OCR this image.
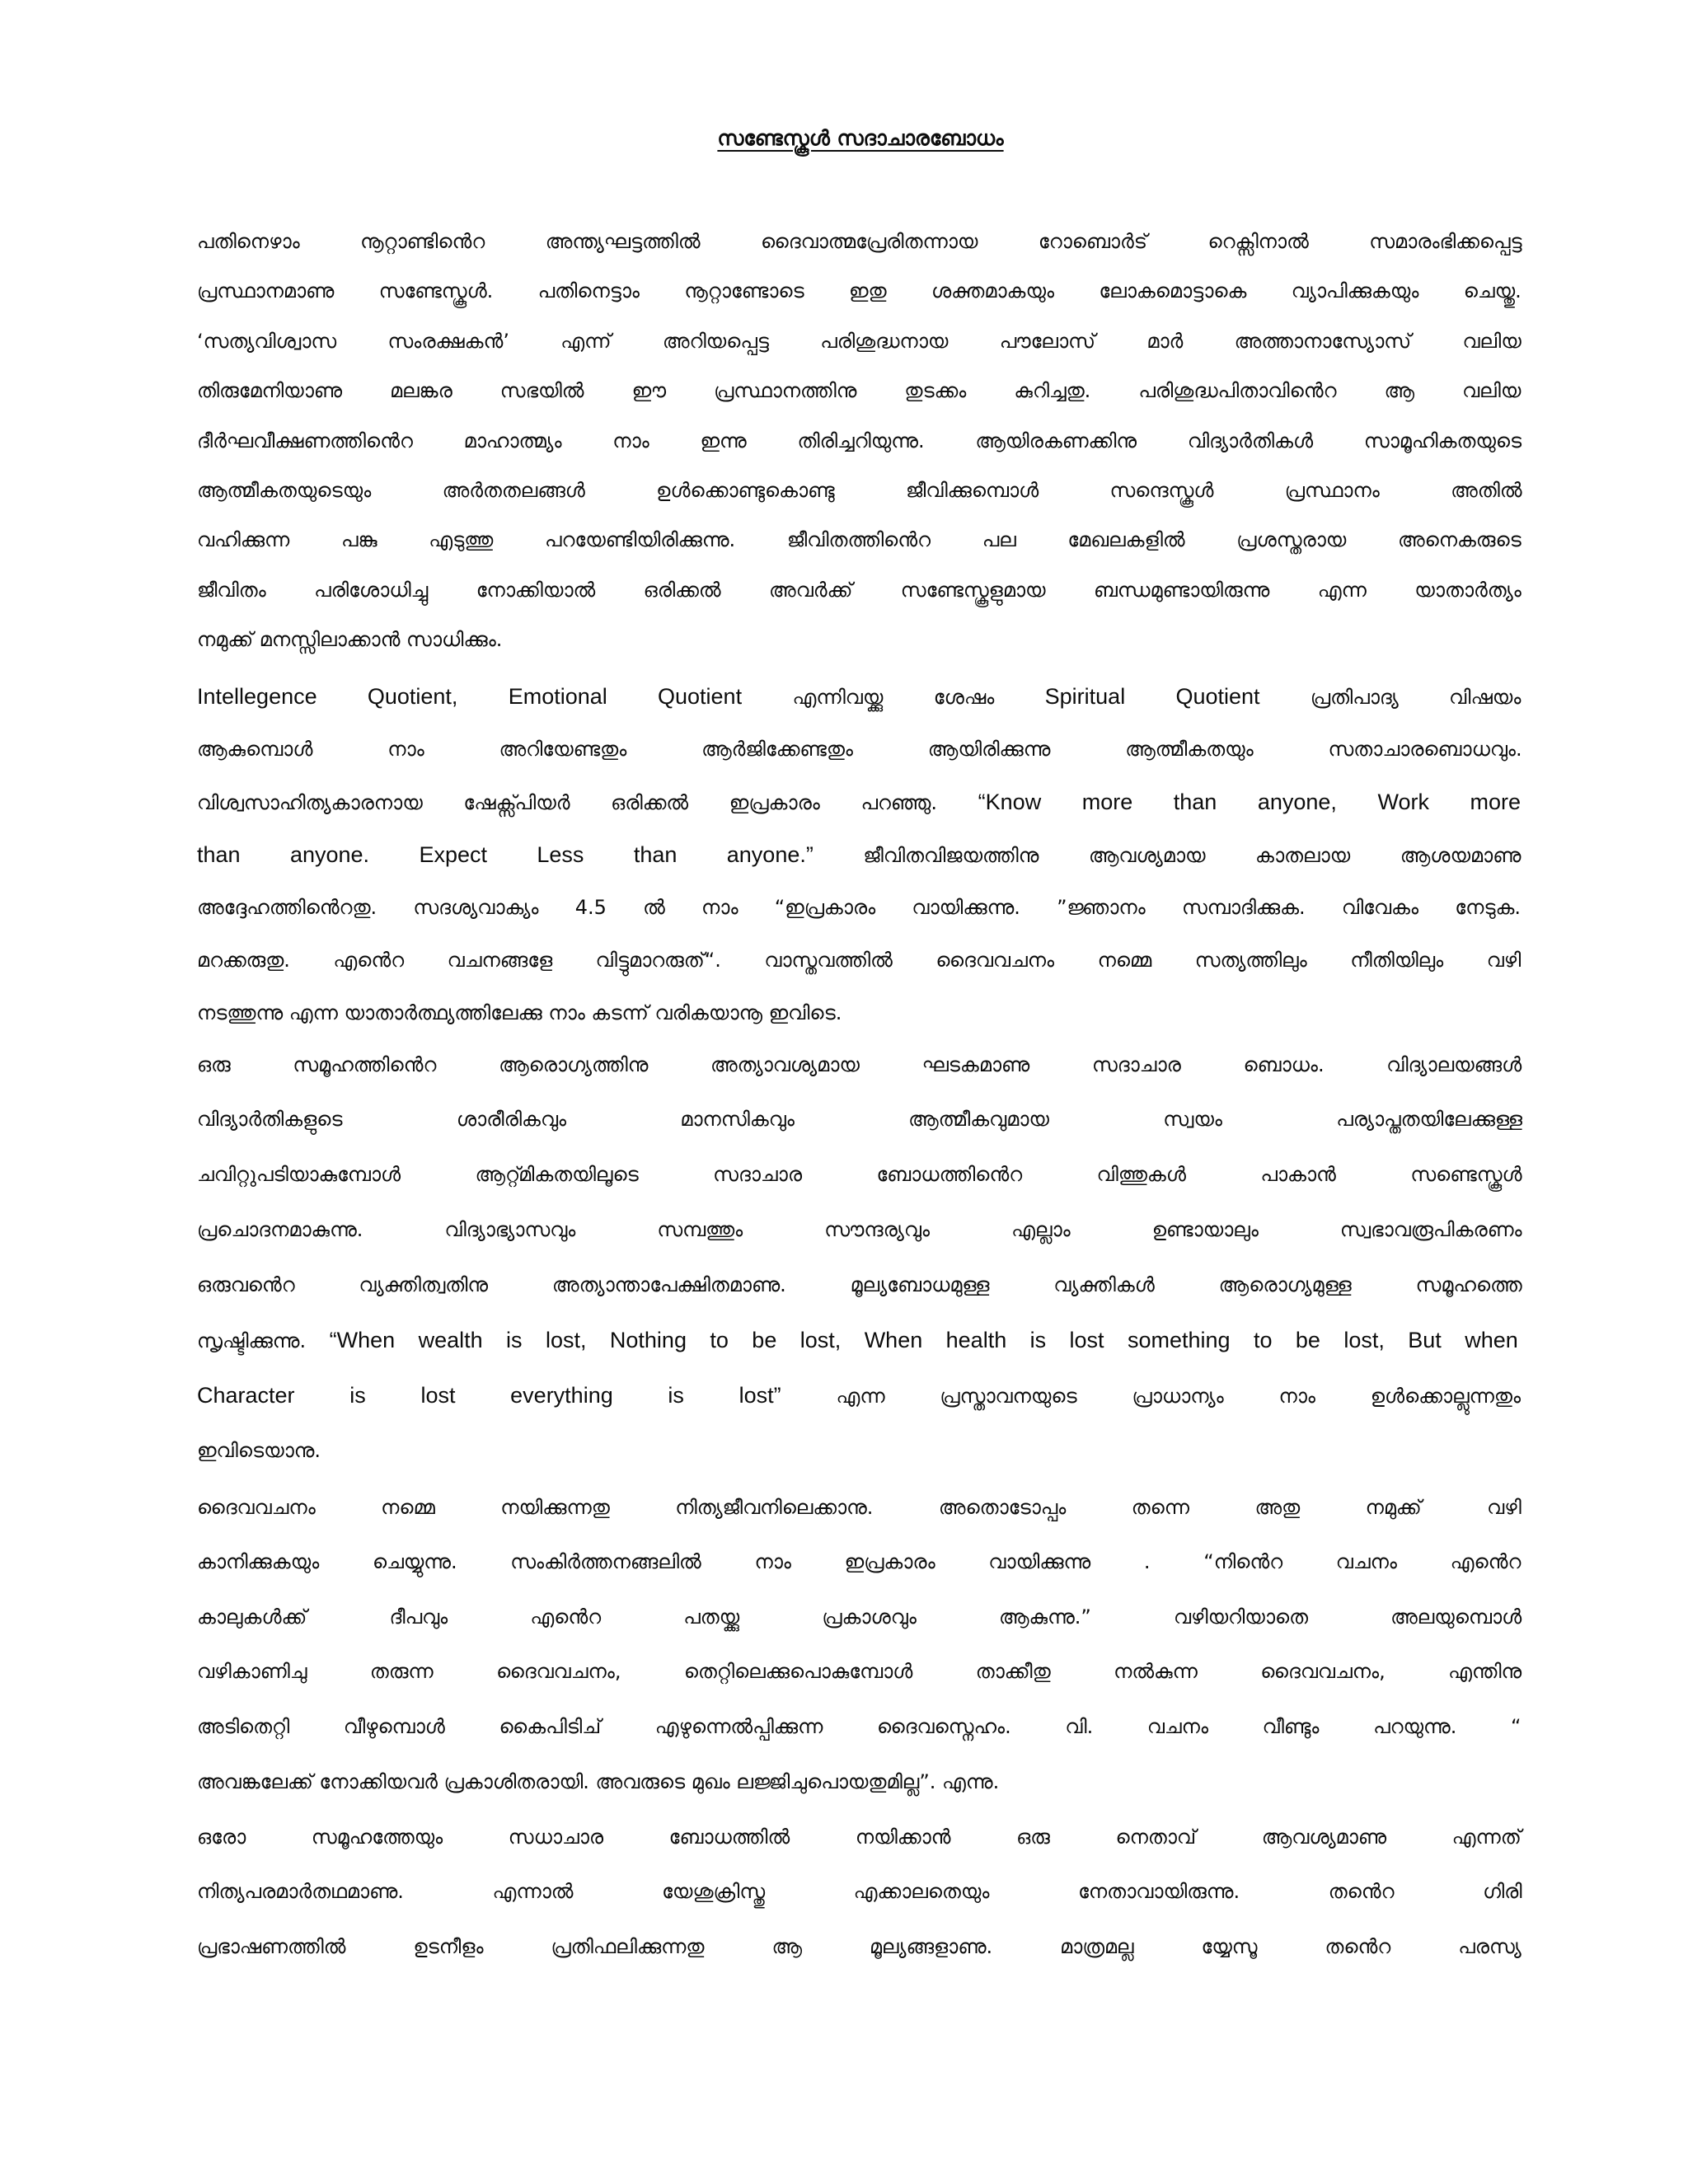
സണ്ടേസ്കൂൾ സദാചാരബോധം
പതിനെഴാം നൂറ്റാണ്ടിൻെറ അന്ത്യഘട്ടത്തിൽ ദൈവാത്മപ്രേരിതന്നായ റോബൊർട് റെക്സിനാൽ സമാരംഭിക്കപ്പെട്ട
പ്രസ്ഥാനമാണു സണ്ടേസ്കൂൾ. പതിനെട്ടാം നൂറ്റാണ്ടോടെ ഇതു ശക്തമാകയും ലോകമൊട്ടാകെ വ്യാപിക്കുകയും ചെയ്തു.
‘സത്യവിശ്വാസ സംരക്ഷകൻ’ എന്ന് അറിയപ്പെട്ട പരിശുദ്ധനായ പൗലോസ് മാർ അത്താനാസ്യോസ് വലിയ
തിരുമേനിയാണു മലങ്കര സഭയിൽ ഈ പ്രസ്ഥാനത്തിനു തുടക്കം കുറിച്ചതു. പരിശുദ്ധപിതാവിൻെറ ആ വലിയ
ദീർഘവീക്ഷണത്തിൻെറ മാഹാത്മ്യം നാം ഇന്നു തിരിച്ചറിയുന്നു. ആയിരകണക്കിനു വിദ്യാർതികൾ സാമൂഹികതയുടെ
ആത്മീകതയുടെയും അർതതലങ്ങൾ ഉൾക്കൊണ്ടുകൊണ്ടു ജീവിക്കുമ്പൊൾ സന്ദെസ്കൂൾ പ്രസ്ഥാനം അതിൽ
വഹിക്കുന്ന പങ്കു എടുത്തു പറയേണ്ടിയിരിക്കുന്നു. ജീവിതത്തിൻെറ പല മേഖലകളിൽ പ്രശസ്തരായ അനെകരുടെ
ജീവിതം പരിശോധിച്ചു നോക്കിയാൽ ഒരിക്കൽ അവർക്ക് സണ്ടേസ്കൂളുമായ ബന്ധമുണ്ടായിരുന്നു എന്ന യാതാർത്യം
നമുക്ക് മനസ്സിലാക്കാൻ സാധിക്കും.
Intellegence Quotient, Emotional Quotient എന്നിവയ്ക്കു ശേഷം Spiritual Quotient പ്രതിപാദ്യ വിഷയം
ആകുമ്പൊൾ നാം അറിയേണ്ടതും ആർജിക്കേണ്ടതും ആയിരിക്കുന്നു ആത്മീകതയും സതാചാരബൊധവും.
വിശ്വസാഹിത്യകാരനായ ഷേക്സ്പിയർ ഒരിക്കൽ ഇപ്രകാരം പറഞ്ഞു. “Know more than anyone, Work more
than anyone. Expect Less than anyone.” ജീവിതവിജയത്തിനു ആവശ്യമായ കാതലായ ആശയമാണു
അദ്ദേഹത്തിൻെറതു. സദശ്യവാക്യം 4.5 ൽ നാം “ഇപ്രകാരം വായിക്കുന്നു. ”ജ്ഞാനം സമ്പാദിക്കുക. വിവേകം നേടുക.
മറക്കരുതു. എൻെറ വചനങ്ങളേ വിട്ടുമാറരുത്“. വാസ്തവത്തിൽ ദൈവവചനം നമ്മെ സത്യത്തിലും നീതിയിലും വഴി
നടത്തുന്നു എന്ന യാതാർത്ഥ്യത്തിലേക്കു നാം കടന്ന് വരികയാനൂ ഇവിടെ.
ഒരു സമൂഹത്തിൻെറ ആരൊഗ്യത്തിനു അത്യാവശ്യമായ ഘടകമാണു സദാചാര ബൊധം. വിദ്യാലയങ്ങൾ
വിദ്യാർതികളുടെ ശാരീരികവും മാനസികവും ആത്മീകവുമായ സ്വയം പര്യാപ്തതയിലേക്കുള്ള
ചവിറ്റുപടിയാകുമ്പോൾ ആറ്റ്മികതയിലൂടെ സദാചാര ബോധത്തിൻെറ വിത്തുകൾ പാകാൻ സണ്ടെസ്കൂൾ
പ്രചൊദനമാകുന്നു. വിദ്യാഭ്യാസവും സമ്പത്തും സൗന്ദര്യവും എല്ലാം ഉണ്ടായാലും സ്വഭാവരൂപികരണം
ഒരുവൻെറ വ്യക്തിത്വതിനു അത്യാന്താപേക്ഷിതമാണു. മൂല്യബോധമുള്ള വ്യക്തികൾ ആരൊഗ്യമുള്ള സമൂഹത്തെ
സൃഷ്ടിക്കുന്നു. “When wealth is lost, Nothing to be lost, When health is lost something to be lost, But when
Character is lost everything is lost” എന്ന പ്രസ്താവനയുടെ പ്രാധാന്യം നാം ഉൾക്കൊല്ലുന്നതും
ഇവിടെയാനു.
ദൈവവചനം നമ്മെ നയിക്കുന്നതു നിത്യജീവനിലെക്കാനു. അതൊടോപ്പം തന്നെ അതു നമുക്ക് വഴി
കാനിക്കുകയും ചെയ്യുന്നു. സംകിർത്തനങ്ങലിൽ നാം ഇപ്രകാരം വായിക്കുന്നു . “നിൻെറ വചനം എൻെറ
കാലുകൾക്ക് ദീപവും എൻെറ പതയ്ക്കു പ്രകാശവും ആകുന്നു.” വഴിയറിയാതെ അലയുമ്പൊൾ
വഴികാണിചു തരുന്ന ദൈവവചനം, തെറ്റിലെക്കുപൊകുമ്പോൾ താക്കീതു നൽകുന്ന ദൈവവചനം, എന്തിനു
അടിതെറ്റി വീഴുമ്പൊൾ കൈപിടിച് എഴുന്നെൽപ്പിക്കുന്ന ദൈവസ്നെഹം. വി. വചനം വീണ്ടും പറയുന്നു. “
അവങ്കലേക്ക് നോക്കിയവർ പ്രകാശിതരായി. അവരുടെ മുഖം ലജ്ജിചുപൊയതുമില്ല”. എന്നു.
ഒരോ സമൂഹത്തേയും സധാചാര ബോധത്തിൽ നയിക്കാൻ ഒരു നെതാവ് ആവശ്യമാണു എന്നത്
നിത്യപരമാർതഥമാണു. എന്നാൽ യേശുക്രിസ്തു എക്കാലതെയും നേതാവായിരുന്നു. തൻെറ ഗിരി
പ്രഭാഷണത്തിൽ ഉടനീളം പ്രതിഫലിക്കുന്നതു ആ മൂല്യങ്ങളാണു. മാത്രമല്ല യ്യേസൂ തൻെറ പരസ്യ
